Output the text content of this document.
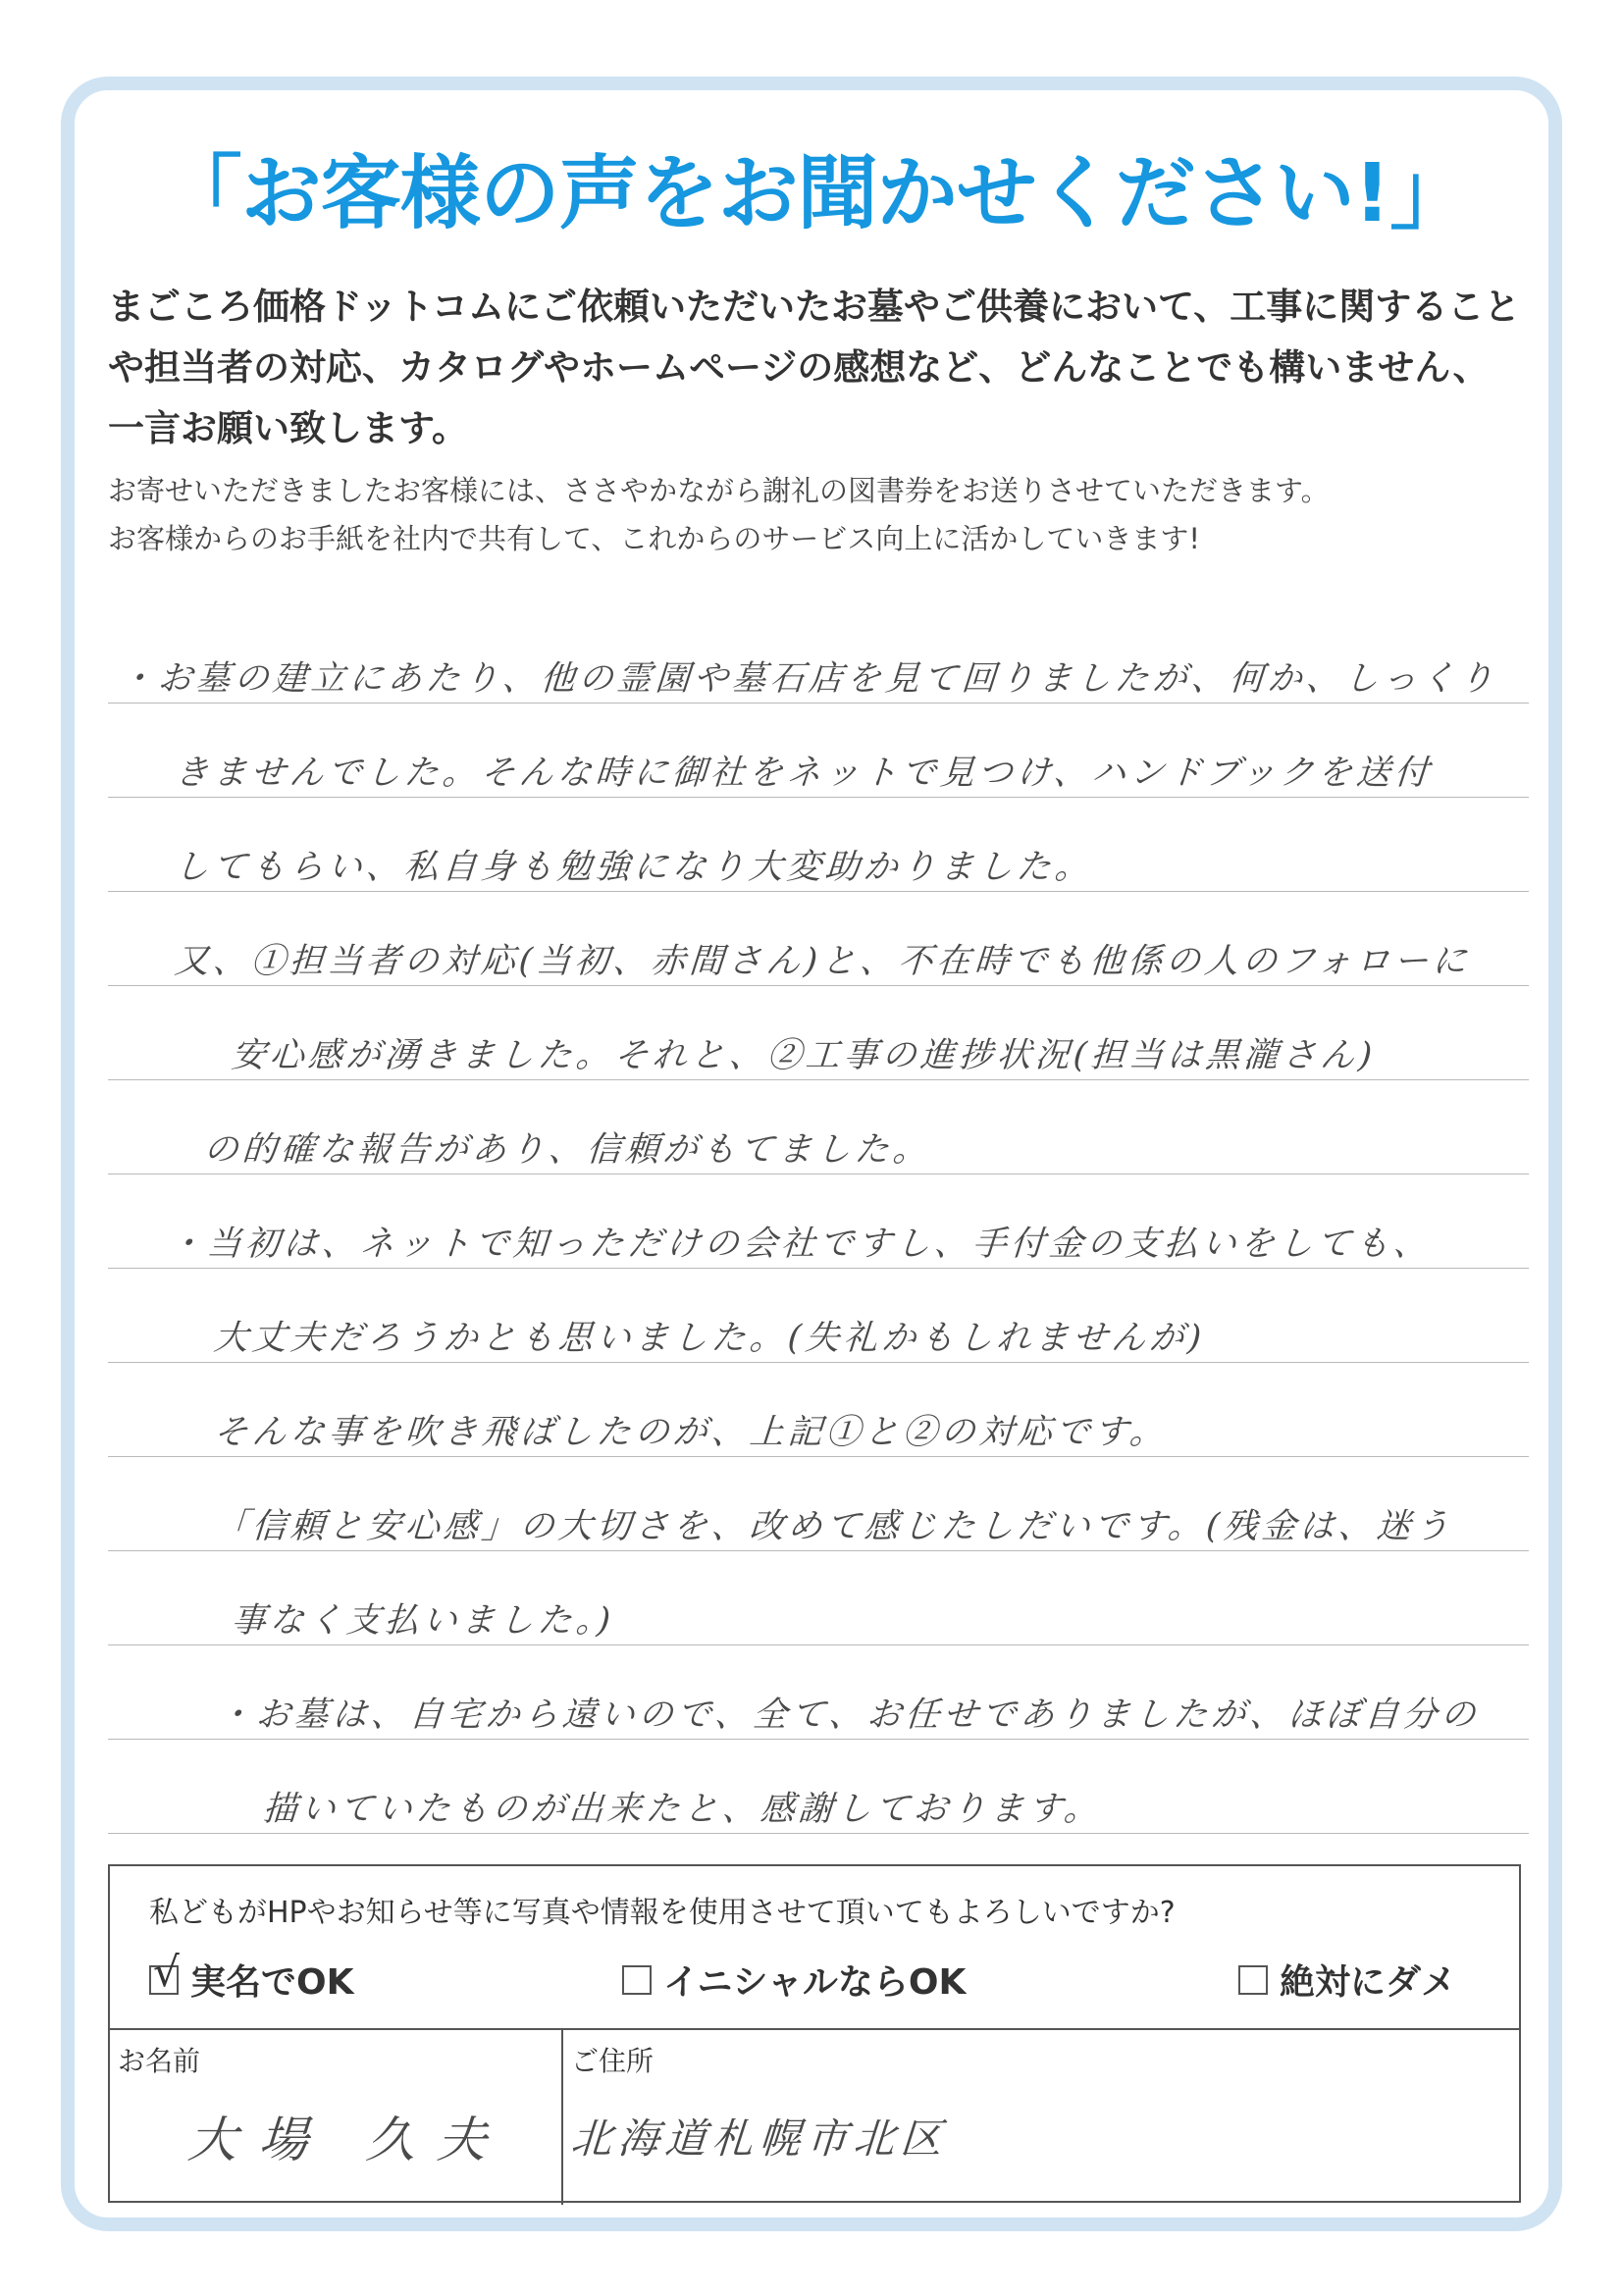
「お客様の声をお聞かせください!」
まごころ価格ドットコムにご依頼いただいたお墓やご供養において、工事に関することや担当者の対応、カタログやホームページの感想など、どんなことでも構いません、一言お願い致します。
お寄せいただきましたお客様には、ささやかながら謝礼の図書券をお送りさせていただきます。
お客様からのお手紙を社内で共有して、これからのサービス向上に活かしていきます!
・お墓の建立にあたり、他の霊園や墓石店を見て回りましたが、何か、しっくり
きませんでした。そんな時に御社をネットで見つけ、ハンドブックを送付
してもらい、私自身も勉強になり大変助かりました。
又、①担当者の対応(当初、赤間さん)と、不在時でも他係の人のフォローに
安心感が湧きました。それと、②工事の進捗状況(担当は黒瀧さん)
の的確な報告があり、信頼がもてました。
・当初は、ネットで知っただけの会社ですし、手付金の支払いをしても、
大丈夫だろうかとも思いました。(失礼かもしれませんが)
そんな事を吹き飛ばしたのが、上記①と②の対応です。
「信頼と安心感」の大切さを、改めて感じたしだいです。(残金は、迷う
事なく支払いました。)
・お墓は、自宅から遠いので、全て、お任せでありましたが、ほぼ自分の
描いていたものが出来たと、感謝しております。
私どもがHPやお知らせ等に写真や情報を使用させて頂いてもよろしいですか?
√ 実名でOK	イニシャルならOK	絶対にダメ
お名前
大場 久夫
ご住所
北海道札幌市北区
